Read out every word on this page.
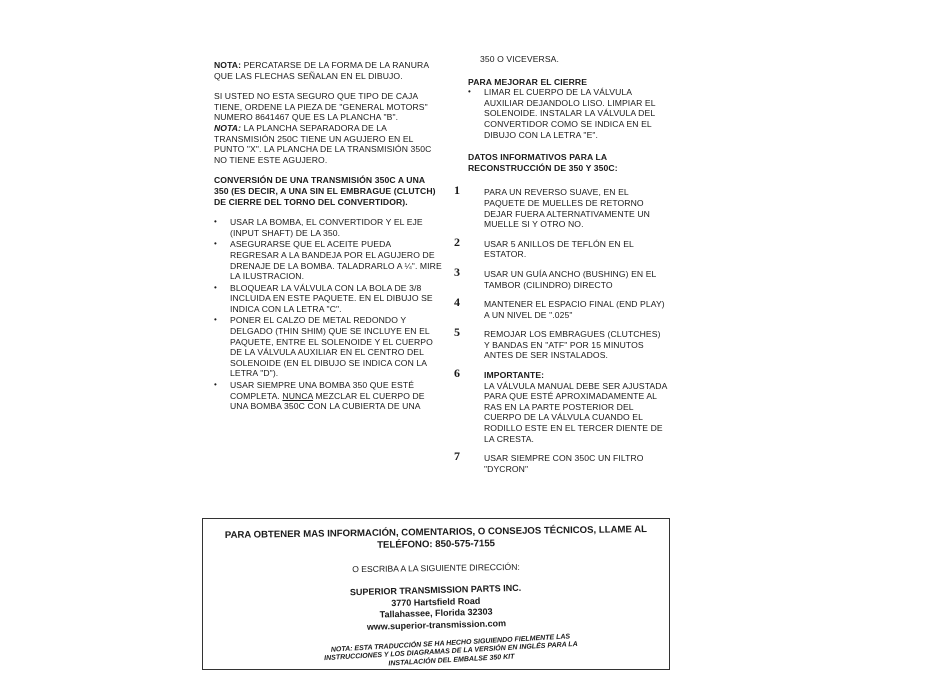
NOTA: PERCATARSE DE LA FORMA DE LA RANURA QUE LAS FLECHAS SEÑALAN EN EL DIBUJO.

SI USTED NO ESTA SEGURO QUE TIPO DE CAJA TIENE, ORDENE LA PIEZA DE "GENERAL MOTORS" NUMERO 8641467 QUE ES LA PLANCHA "B".

NOTA: LA PLANCHA SEPARADORA DE LA TRANSMISIÓN 250C TIENE UN AGUJERO EN EL PUNTO "X". LA PLANCHA DE LA TRANSMISIÓN 350C NO TIENE ESTE AGUJERO.

CONVERSIÓN DE UNA TRANSMISIÓN 350C A UNA 350 (ES DECIR, A UNA SIN EL EMBRAGUE (CLUTCH) DE CIERRE DEL TORNO DEL CONVERTIDOR).

• USAR LA BOMBA, EL CONVERTIDOR Y EL EJE (INPUT SHAFT) DE LA 350.
• ASEGURARSE QUE EL ACEITE PUEDA REGRESAR A LA BANDEJA POR EL AGUJERO DE DRENAJE DE LA BOMBA. TALADRARLO A ¼". MIRE LA ILUSTRACION.
• BLOQUEAR LA VÁLVULA CON LA BOLA DE 3/8 INCLUIDA EN ESTE PAQUETE. EN EL DIBUJO SE INDICA CON LA LETRA "C".
• PONER EL CALZO DE METAL REDONDO Y DELGADO (THIN SHIM) QUE SE INCLUYE EN EL PAQUETE, ENTRE EL SOLENOIDE Y EL CUERPO DE LA VÁLVULA AUXILIAR EN EL CENTRO DEL SOLENOIDE (EN EL DIBUJO SE INDICA CON LA LETRA "D").
• USAR SIEMPRE UNA BOMBA 350 QUE ESTÉ COMPLETA. NUNCA MEZCLAR EL CUERPO DE UNA BOMBA 350C CON LA CUBIERTA DE UNA

350 O VICEVERSA.

PARA MEJORAR EL CIERRE

• LIMAR EL CUERPO DE LA VÁLVULA AUXILIAR DEJANDOLO LISO. LIMPIAR EL SOLENOIDE. INSTALAR LA VÁLVULA DEL CONVERTIDOR COMO SE INDICA EN EL DIBUJO CON LA LETRA "E".

DATOS INFORMATIVOS PARA LA RECONSTRUCCIÓN DE 350 Y 350C:

1	PARA UN REVERSO SUAVE, EN EL PAQUETE DE MUELLES DE RETORNO DEJAR FUERA ALTERNATIVAMENTE UN MUELLE SI Y OTRO NO.
2	USAR 5 ANILLOS DE TEFLÓN EN EL ESTATOR.
3	USAR UN GUÍA ANCHO (BUSHING) EN EL TAMBOR (CILINDRO) DIRECTO
4	MANTENER EL ESPACIO FINAL (END PLAY) A UN NIVEL DE ".025"
5	REMOJAR LOS EMBRAGUES (CLUTCHES) Y BANDAS EN "ATF" POR 15 MINUTOS ANTES DE SER INSTALADOS.
6	IMPORTANTE:
LA VÁLVULA MANUAL DEBE SER AJUSTADA PARA QUE ESTÉ APROXIMADAMENTE AL RAS EN LA PARTE POSTERIOR DEL CUERPO DE LA VÁLVULA CUANDO EL RODILLO ESTE EN EL TERCER DIENTE DE LA CRESTA.
7	USAR SIEMPRE CON 350C UN FILTRO "DYCRON"
PARA OBTENER MAS INFORMACIÓN, COMENTARIOS, O CONSEJOS TÉCNICOS, LLAME AL TELÉFONO: 850-575-7155
O ESCRIBA A LA SIGUIENTE DIRECCIÓN:
SUPERIOR TRANSMISSION PARTS INC.
3770 Hartsfield Road
Tallahassee, Florida 32303
www.superior-transmission.com
NOTA: ESTA TRADUCCIÓN SE HA HECHO SIGUIENDO FIELMENTE LAS INSTRUCCIONES Y LOS DIAGRAMAS DE LA VERSIÓN EN INGLÉS PARA LA INSTALACIÓN DEL EMBALSE 350 KIT
